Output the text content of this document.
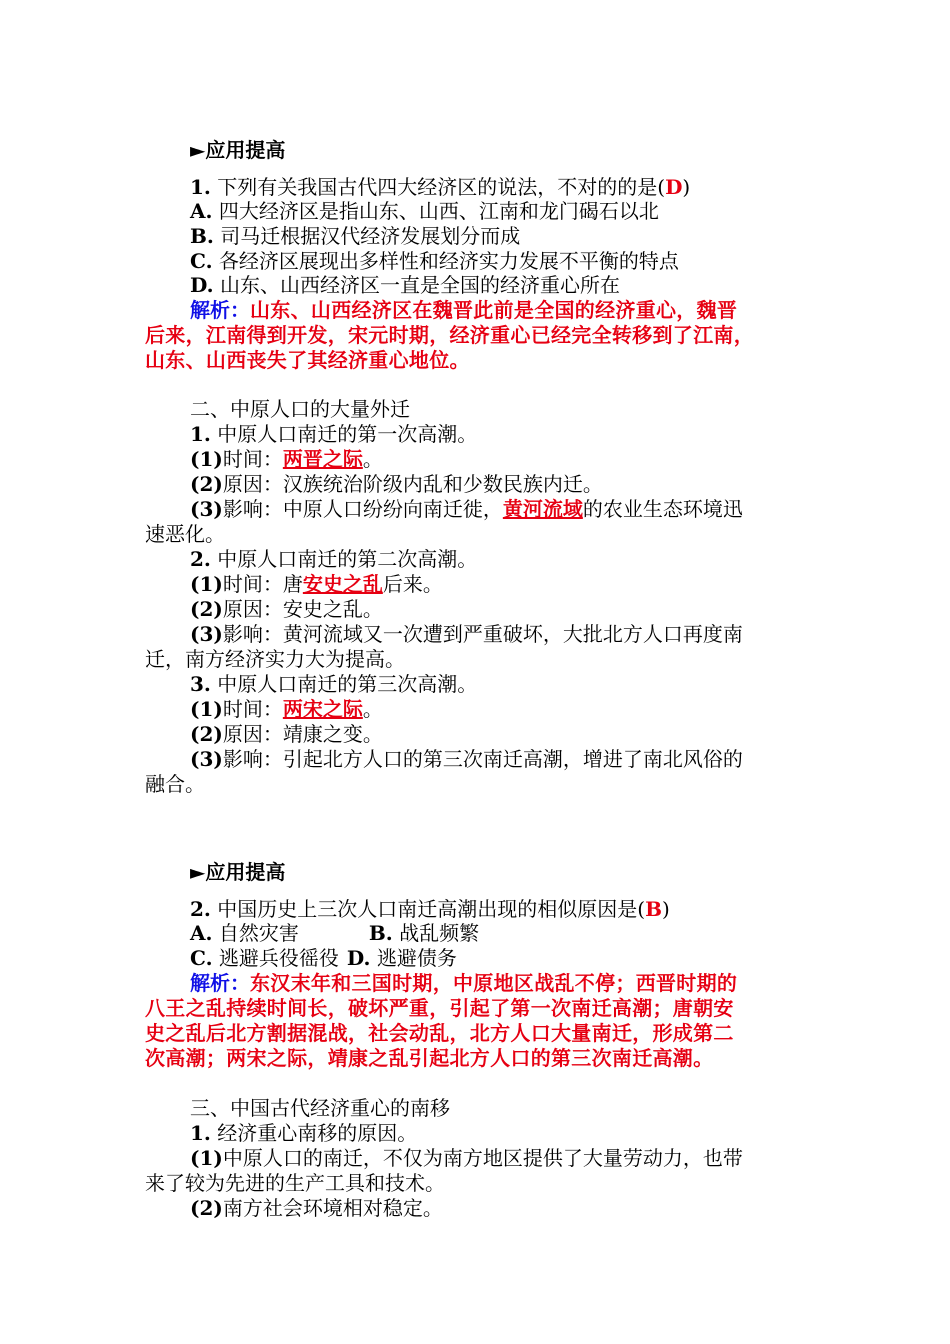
►应用提高
1. 下列有关我国古代四大经济区的说法，不对的的是(D)
A. 四大经济区是指山东、山西、江南和龙门碣石以北
B. 司马迁根据汉代经济发展划分而成
C. 各经济区展现出多样性和经济实力发展不平衡的特点
D. 山东、山西经济区一直是全国的经济重心所在
解析：山东、山西经济区在魏晋此前是全国的经济重心，魏晋
后来，江南得到开发，宋元时期，经济重心已经完全转移到了江南，
山东、山西丧失了其经济重心地位。
二、中原人口的大量外迁
1. 中原人口南迁的第一次高潮。
(1)时间：两晋之际。
(2)原因：汉族统治阶级内乱和少数民族内迁。
(3)影响：中原人口纷纷向南迁徙，黄河流域的农业生态环境迅
速恶化。
2. 中原人口南迁的第二次高潮。
(1)时间：唐安史之乱后来。
(2)原因：安史之乱。
(3)影响：黄河流域又一次遭到严重破坏，大批北方人口再度南
迁，南方经济实力大为提高。
3. 中原人口南迁的第三次高潮。
(1)时间：两宋之际。
(2)原因：靖康之变。
(3)影响：引起北方人口的第三次南迁高潮，增进了南北风俗的
融合。
►应用提高
2. 中国历史上三次人口南迁高潮出现的相似原因是(B)
A. 自然灾害	B. 战乱频繁
C. 逃避兵役徭役 D. 逃避债务
解析：东汉末年和三国时期，中原地区战乱不停；西晋时期的
八王之乱持续时间长，破坏严重，引起了第一次南迁高潮；唐朝安
史之乱后北方割据混战，社会动乱，北方人口大量南迁，形成第二
次高潮；两宋之际，靖康之乱引起北方人口的第三次南迁高潮。
三、中国古代经济重心的南移
1. 经济重心南移的原因。
(1)中原人口的南迁，不仅为南方地区提供了大量劳动力，也带
来了较为先进的生产工具和技术。
(2)南方社会环境相对稳定。
